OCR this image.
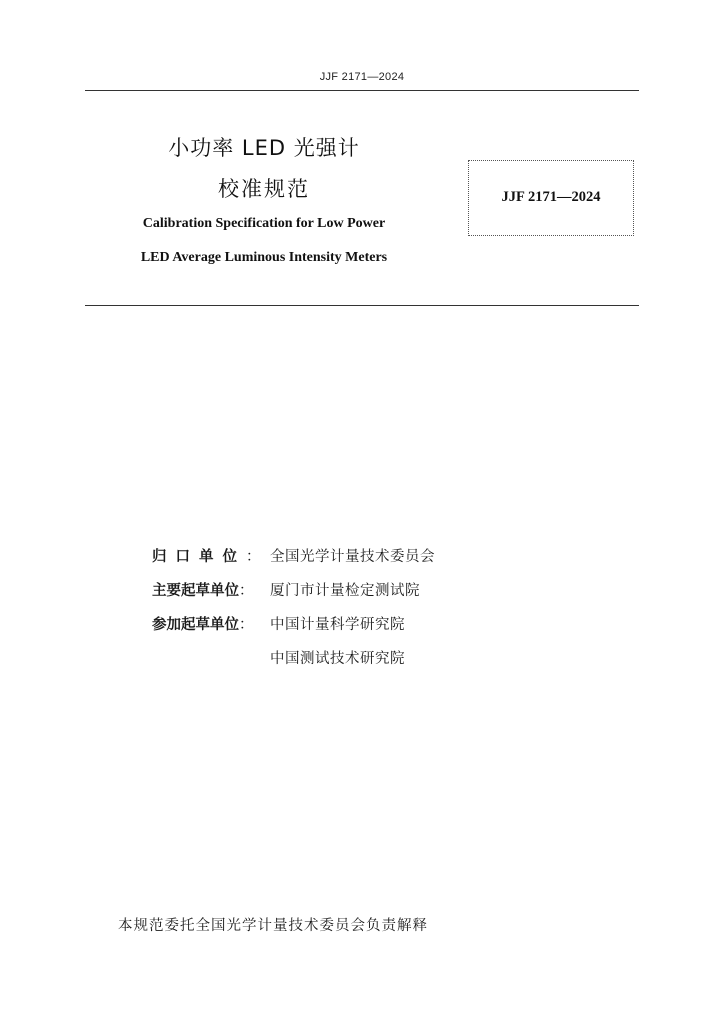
JJF 2171—2024
小功率 LED 光强计
校准规范
Calibration Specification for Low Power
LED Average Luminous Intensity Meters
JJF 2171—2024
归口单位： 全国光学计量技术委员会
主要起草单位：	厦门市计量检定测试院
参加起草单位：	中国计量科学研究院
中国测试技术研究院
本规范委托全国光学计量技术委员会负责解释
